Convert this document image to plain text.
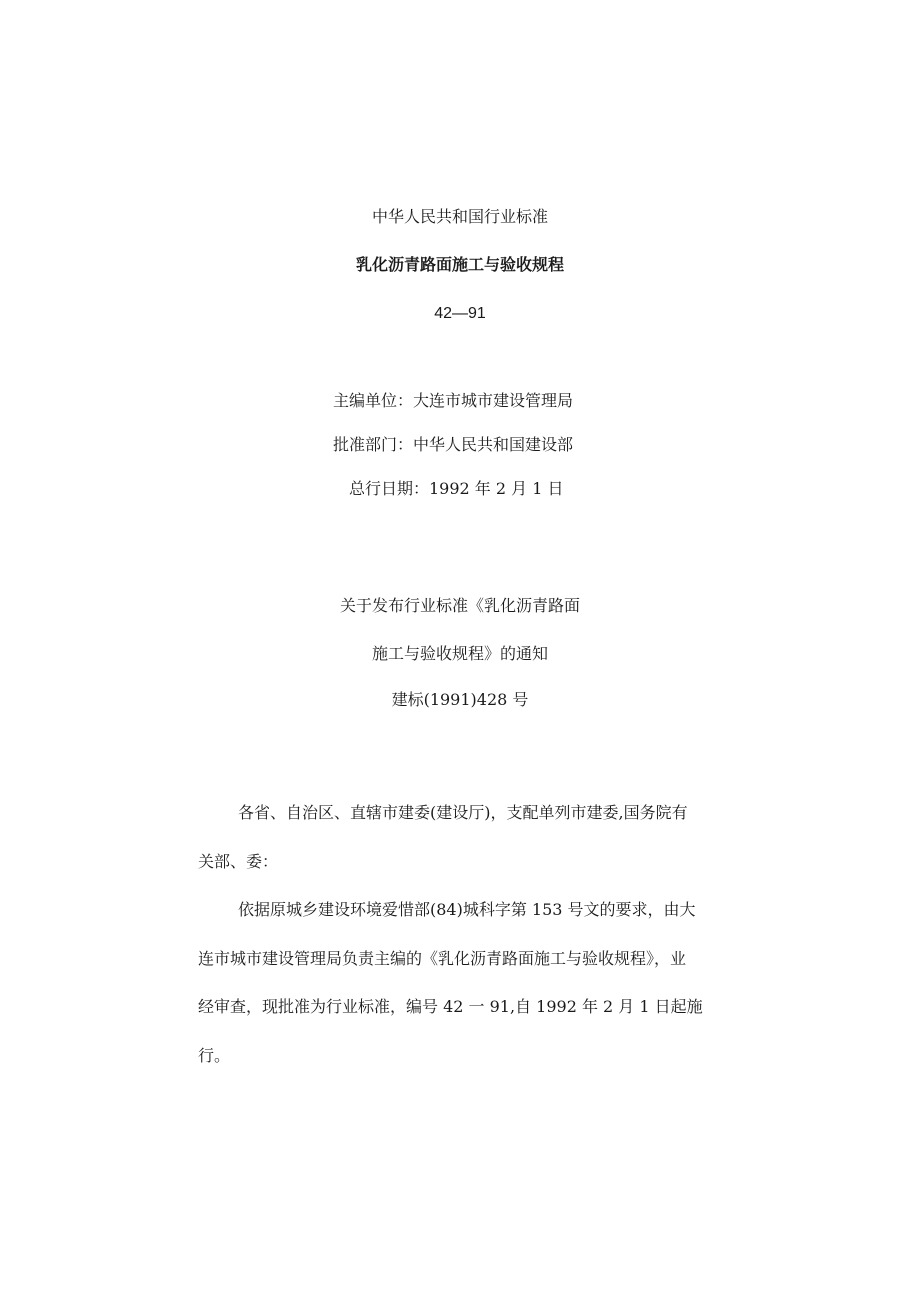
中华人民共和国行业标准
乳化沥青路面施工与验收规程
42—91
主编单位：大连市城市建设管理局
批准部门：中华人民共和国建设部
总行日期：1992 年 2 月 1 日
关于发布行业标准《乳化沥青路面
施工与验收规程》的通知
建标(1991)428 号
各省、自治区、直辖市建委(建设厅)，支配单列市建委,国务院有
关部、委：
依据原城乡建设环境爱惜部(84)城科字第 153 号文的要求，由大
连市城市建设管理局负责主编的《乳化沥青路面施工与验收规程》，业
经审查，现批准为行业标准，编号 42 一 91,自 1992 年 2 月 1 日起施
行。
